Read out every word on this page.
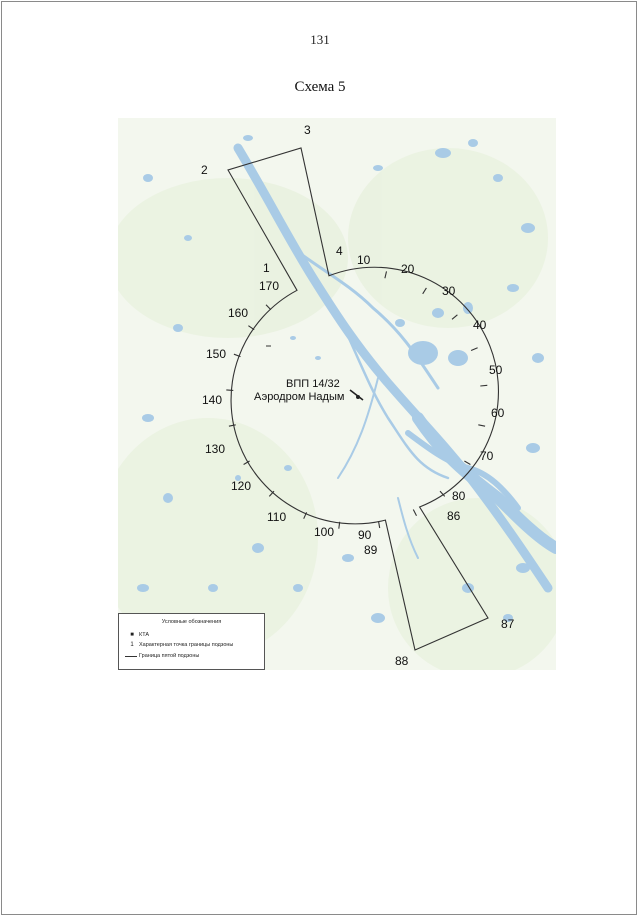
131
Схема 5
2
3
4
1
170
10
20
30
40
50
60
70
80
86
87
88
90
89
100
110
120
130
140
150
160
ВПП 14/32
Аэродром Надым
Условные обозначения
■ КТА
1 Характерная точка границы подзоны
Граница пятой подзоны
